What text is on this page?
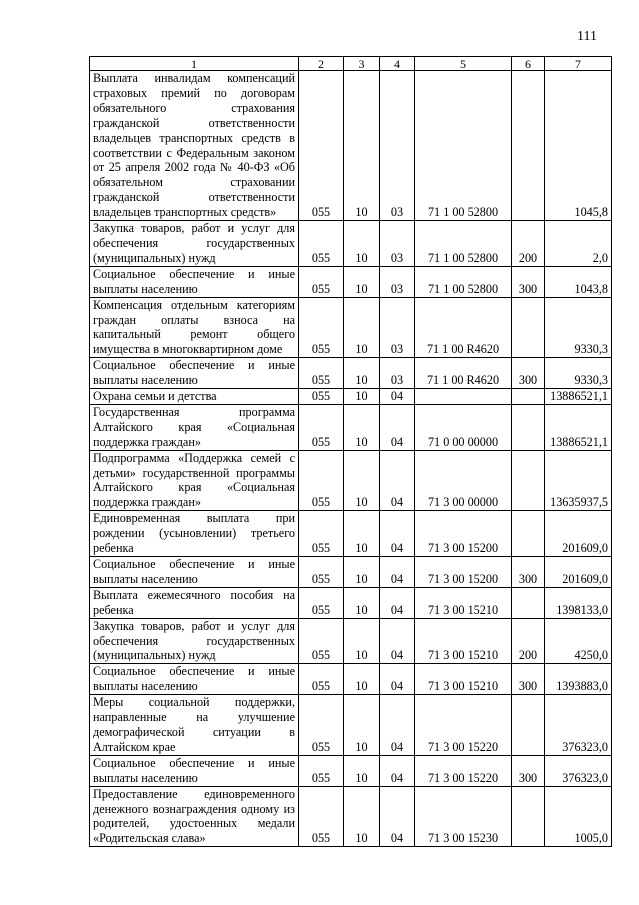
111
1	2	3	4	5	6	7
Выплата инвалидам компенсаций страховых премий по договорам обязательного страхования гражданской ответственности владельцев транспортных средств в соответствии с Федеральным законом от 25 апреля 2002 года № 40-ФЗ «Об обязательном страховании гражданской ответственности владельцев транспортных средств»	055	10	03	71 1 00 52800		1045,8
Закупка товаров, работ и услуг для обеспечения государственных (муниципальных) нужд	055	10	03	71 1 00 52800	200	2,0
Социальное обеспечение и иные выплаты населению	055	10	03	71 1 00 52800	300	1043,8
Компенсация отдельным категориям граждан оплаты взноса на капитальный ремонт общего имущества в многоквартирном доме	055	10	03	71 1 00 R4620		9330,3
Социальное обеспечение и иные выплаты населению	055	10	03	71 1 00 R4620	300	9330,3
Охрана семьи и детства	055	10	04			13886521,1
Государственная программа Алтайского края «Социальная поддержка граждан»	055	10	04	71 0 00 00000		13886521,1
Подпрограмма «Поддержка семей с детьми» государственной программы Алтайского края «Социальная поддержка граждан»	055	10	04	71 3 00 00000		13635937,5
Единовременная выплата при рождении (усыновлении) третьего ребенка	055	10	04	71 3 00 15200		201609,0
Социальное обеспечение и иные выплаты населению	055	10	04	71 3 00 15200	300	201609,0
Выплата ежемесячного пособия на ребенка	055	10	04	71 3 00 15210		1398133,0
Закупка товаров, работ и услуг для обеспечения государственных (муниципальных) нужд	055	10	04	71 3 00 15210	200	4250,0
Социальное обеспечение и иные выплаты населению	055	10	04	71 3 00 15210	300	1393883,0
Меры социальной поддержки, направленные на улучшение демографической ситуации в Алтайском крае	055	10	04	71 3 00 15220		376323,0
Социальное обеспечение и иные выплаты населению	055	10	04	71 3 00 15220	300	376323,0
Предоставление единовременного денежного вознаграждения одному из родителей, удостоенных медали «Родительская слава»	055	10	04	71 3 00 15230		1005,0
